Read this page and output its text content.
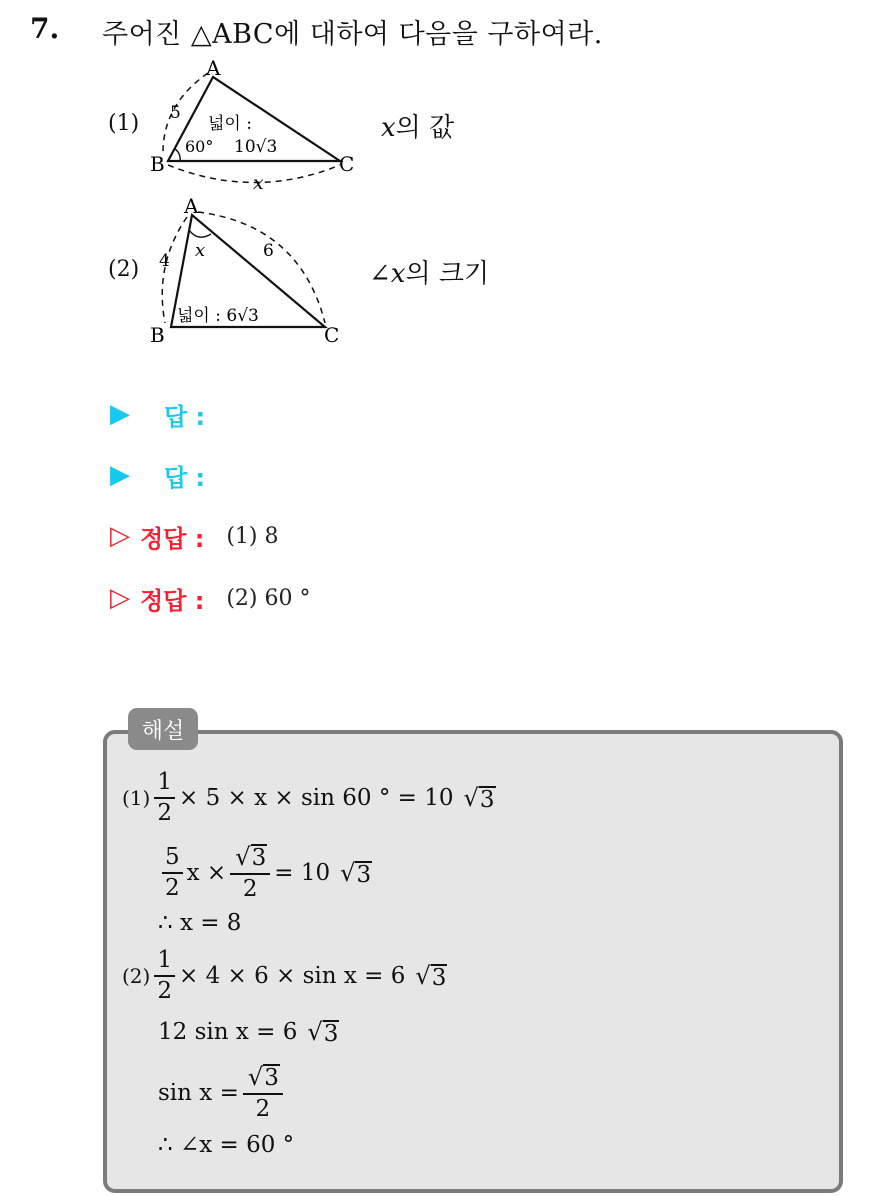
7. 주어진 △ABC에 대하여 다음을 구하여라.
(1)
A
B	C
5
x
60°
넓이 :
10√3
x의 값
(2)
A
B	C
4	6
x
넓이 : 6√3
∠x의 크기
▶ 답 :
▶ 답 :
▷ 정답 : (1) 8
▷ 정답 : (2) 60 °
해설
$(1) \frac{1}{2} \times 5 \times x \times \sin 60$ ° = 10 √ 3
$\frac{5}{2}$ $x \times \frac{√ 3}{2} = 10$ √ 3
∴ x = 8
$(2) \frac{1}{2} \times 4 \times 6 \times \sin x = 6$ √ 3
12 sin x = 6 √ 3
$\sin x = \frac{√ 3}{2}$
∴ ∠x = 60 °
